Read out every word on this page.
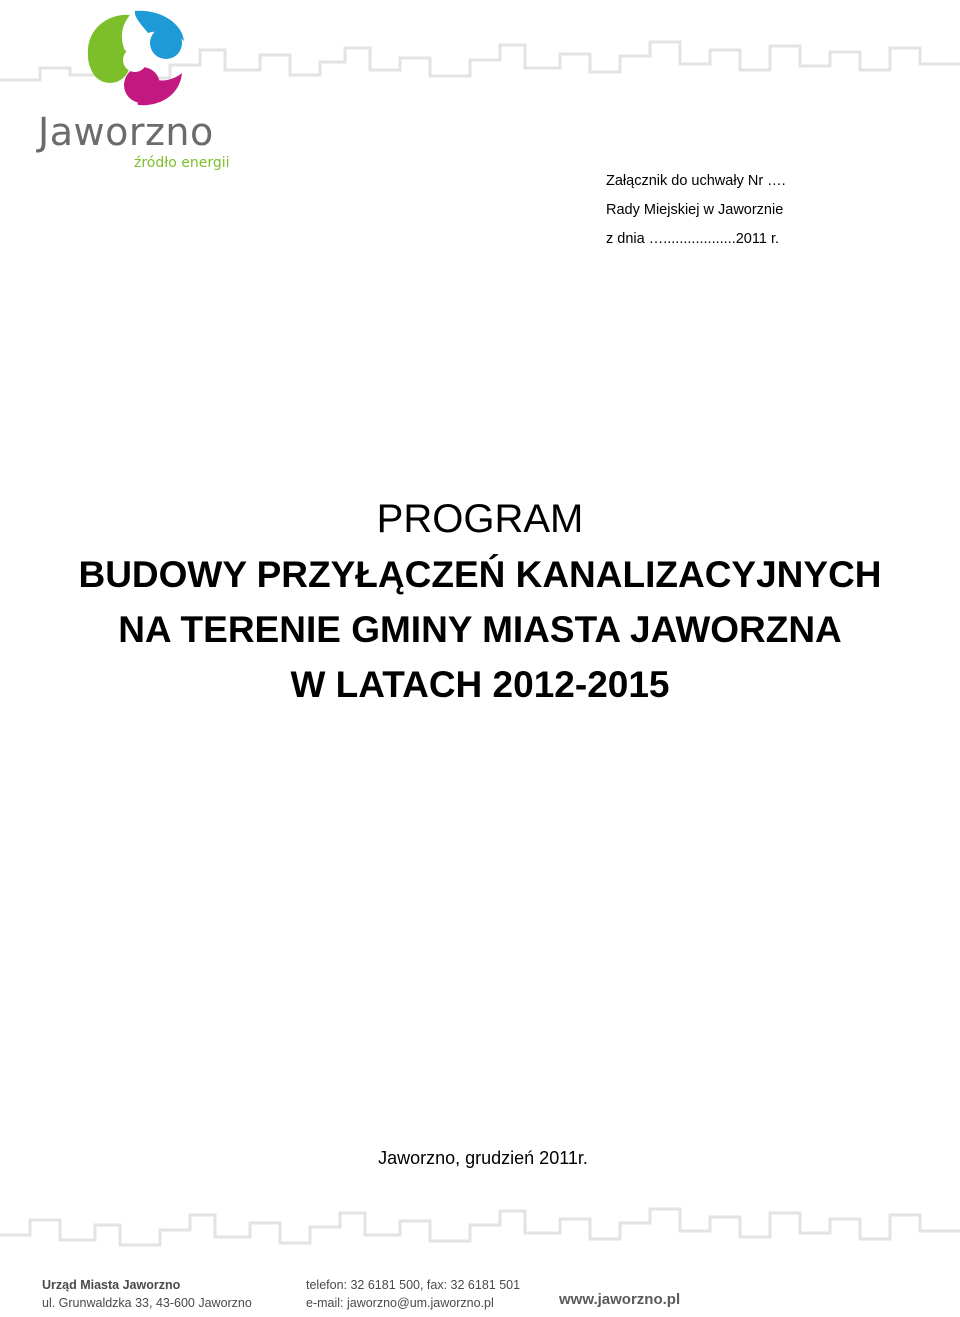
Jaworzno
źródło energii
Załącznik do uchwały Nr ….
Rady Miejskiej w Jaworznie
z dnia …..................2011 r.
PROGRAM
BUDOWY PRZYŁĄCZEŃ KANALIZACYJNYCH
NA TERENIE GMINY MIASTA JAWORZNA
W LATACH 2012-2015
Jaworzno, grudzień 2011r.
Urząd Miasta Jaworzno
ul. Grunwaldzka 33, 43-600 Jaworzno
telefon: 32 6181 500, fax: 32 6181 501
e-mail: jaworzno@um.jaworzno.pl	www.jaworzno.pl
